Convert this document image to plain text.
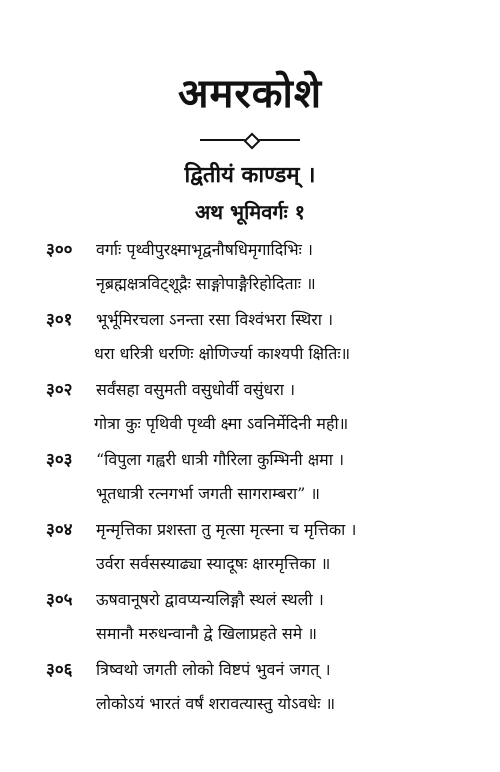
अमरकोशे
द्वितीयं काण्डम् ।
अथ भूमिवर्गः १
३०० वर्गाः पृथ्वीपुरक्ष्माभृद्वनौषधिमृगादिभिः ।
नृब्रह्मक्षत्रविट्शूद्रैः साङ्गोपाङ्गैरिहोदिताः ॥
३०१ भूर्भूमिरचला ऽनन्ता रसा विश्वंभरा स्थिरा ।
धरा धरित्री धरणिः क्षोणिर्ज्या काश्यपी क्षितिः॥
३०२ सर्वंसहा वसुमती वसुधोर्वी वसुंधरा ।
गोत्रा कुः पृथिवी पृथ्वी क्ष्मा ऽवनिर्मेदिनी मही॥
३०३ “विपुला गह्वरी धात्री गौरिला कुम्भिनी क्षमा ।
भूतधात्री रत्नगर्भा जगती सागराम्बरा” ॥
३०४ मृन्मृत्तिका प्रशस्ता तु मृत्सा मृत्स्ना च मृत्तिका ।
उर्वरा सर्वसस्याढ्या स्यादूषः क्षारमृत्तिका ॥
३०५ ऊषवानूषरो द्वावप्यन्यलिङ्गौ स्थलं स्थली ।
समानौ मरुधन्वानौ द्वे खिलाप्रहते समे ॥
३०६ त्रिष्वथो जगती लोको विष्टपं भुवनं जगत् ।
लोकोऽयं भारतं वर्षं शरावत्यास्तु योऽवधेः ॥
